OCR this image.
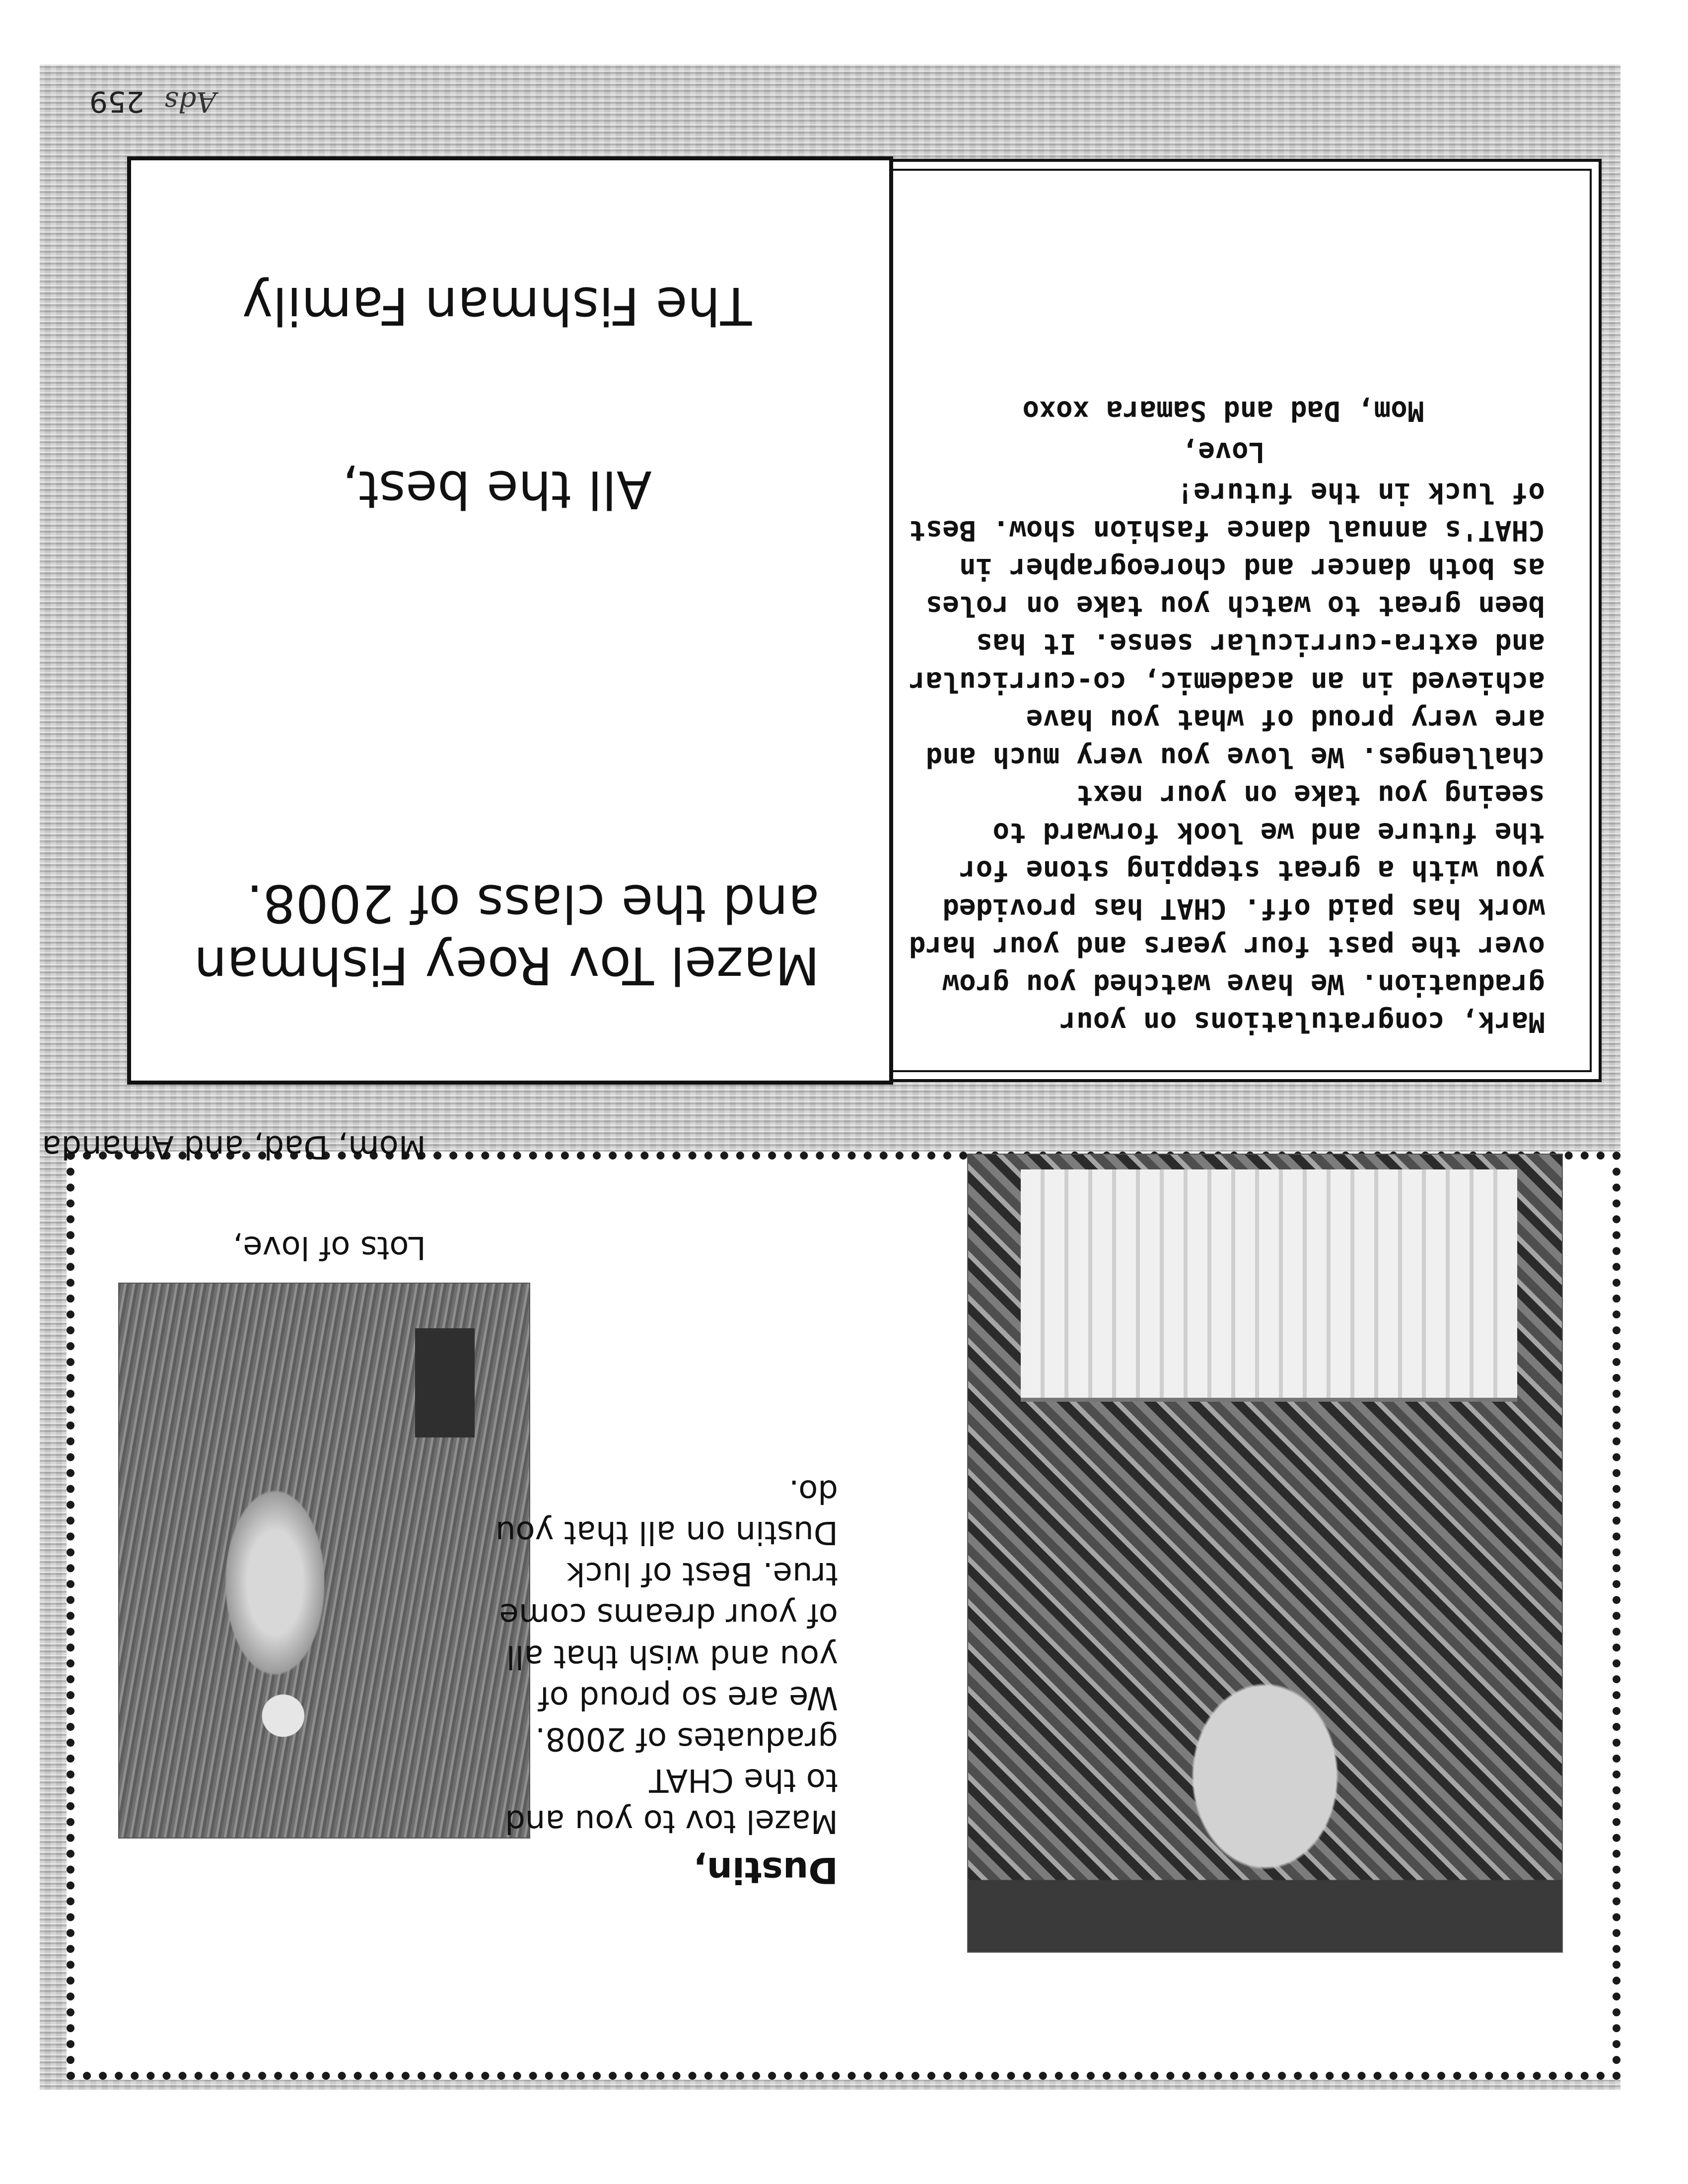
Dustin,

Mazel tov to you and to the CHAT graduates of 2008. We are so proud of you and wish that all of your dreams come true. Best of luck Dustin on all that you do.

Lots of love,
Mom, Dad, and Amanda

Mark, congratulations on your graduation. We have watched you grow over the past four years and your hard work has paid off. CHAT has provided you with a great stepping stone for the future and we look forward to seeing you take on your next challenges. We love you very much and are very proud of what you have achieved in an academic, co-curricular and extra-curricular sense. It has been great to watch you take on roles as both dancer and choreographer in CHAT's annual dance fashion show. Best of luck in the future!

Love,
Mom, Dad and Samara xoxo
Mazel Tov Roey Fishman and the class of 2008.
All the best,
The Fishman Family
Ads
259
